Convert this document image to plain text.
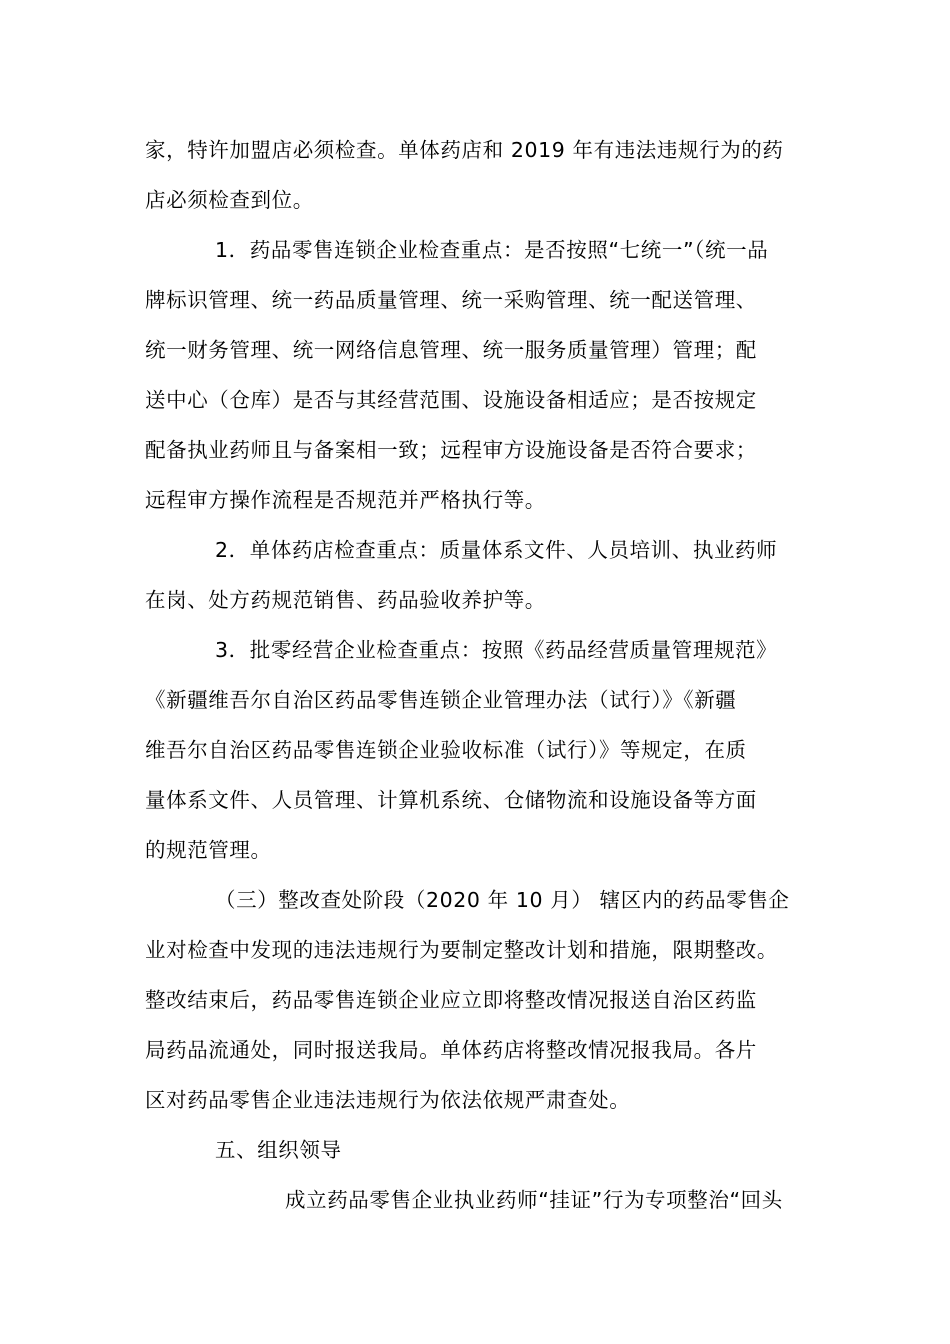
家，特许加盟店必须检查。单体药店和 2019 年有违法违规行为的药
店必须检查到位。
1．药品零售连锁企业检查重点：是否按照“七统一”（统一品
牌标识管理、统一药品质量管理、统一采购管理、统一配送管理、
统一财务管理、统一网络信息管理、统一服务质量管理）管理；配
送中心（仓库）是否与其经营范围、设施设备相适应；是否按规定
配备执业药师且与备案相一致；远程审方设施设备是否符合要求；
远程审方操作流程是否规范并严格执行等。
2．单体药店检查重点：质量体系文件、人员培训、执业药师
在岗、处方药规范销售、药品验收养护等。
3．批零经营企业检查重点：按照《药品经营质量管理规范》
《新疆维吾尔自治区药品零售连锁企业管理办法（试行）》《新疆
维吾尔自治区药品零售连锁企业验收标准（试行）》等规定，在质
量体系文件、人员管理、计算机系统、仓储物流和设施设备等方面
的规范管理。
（三）整改查处阶段（2020 年 10 月） 辖区内的药品零售企
业对检查中发现的违法违规行为要制定整改计划和措施，限期整改。
整改结束后，药品零售连锁企业应立即将整改情况报送自治区药监
局药品流通处，同时报送我局。单体药店将整改情况报我局。各片
区对药品零售企业违法违规行为依法依规严肃查处。
五、组织领导
成立药品零售企业执业药师“挂证”行为专项整治“回头
